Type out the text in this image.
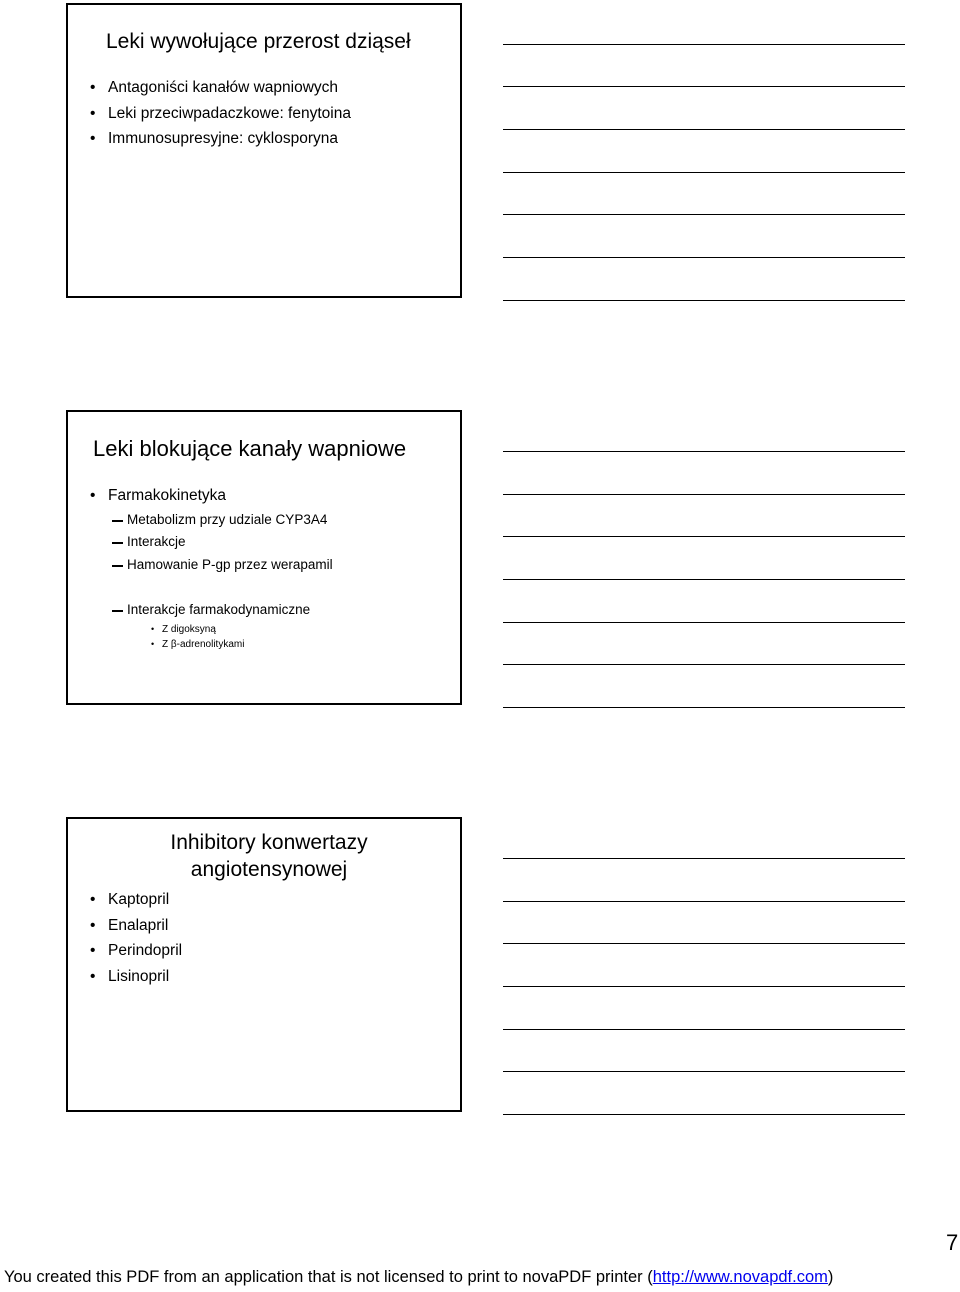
Leki wywołujące przerost dziąseł
• Antagoniści kanałów wapniowych
• Leki przeciwpadaczkowe: fenytoina
• Immunosupresyjne: cyklosporyna
Leki blokujące kanały wapniowe
• Farmakokinetyka
Metabolizm przy udziale CYP3A4
Interakcje
Hamowanie P-gp przez werapamil
Interakcje farmakodynamiczne
• Z digoksyną
• Z β-adrenolitykami
Inhibitory konwertazy angiotensynowej
• Kaptopril
• Enalapril
• Perindopril
• Lisinopril
7
You created this PDF from an application that is not licensed to print to novaPDF printer (http://www.novapdf.com)
